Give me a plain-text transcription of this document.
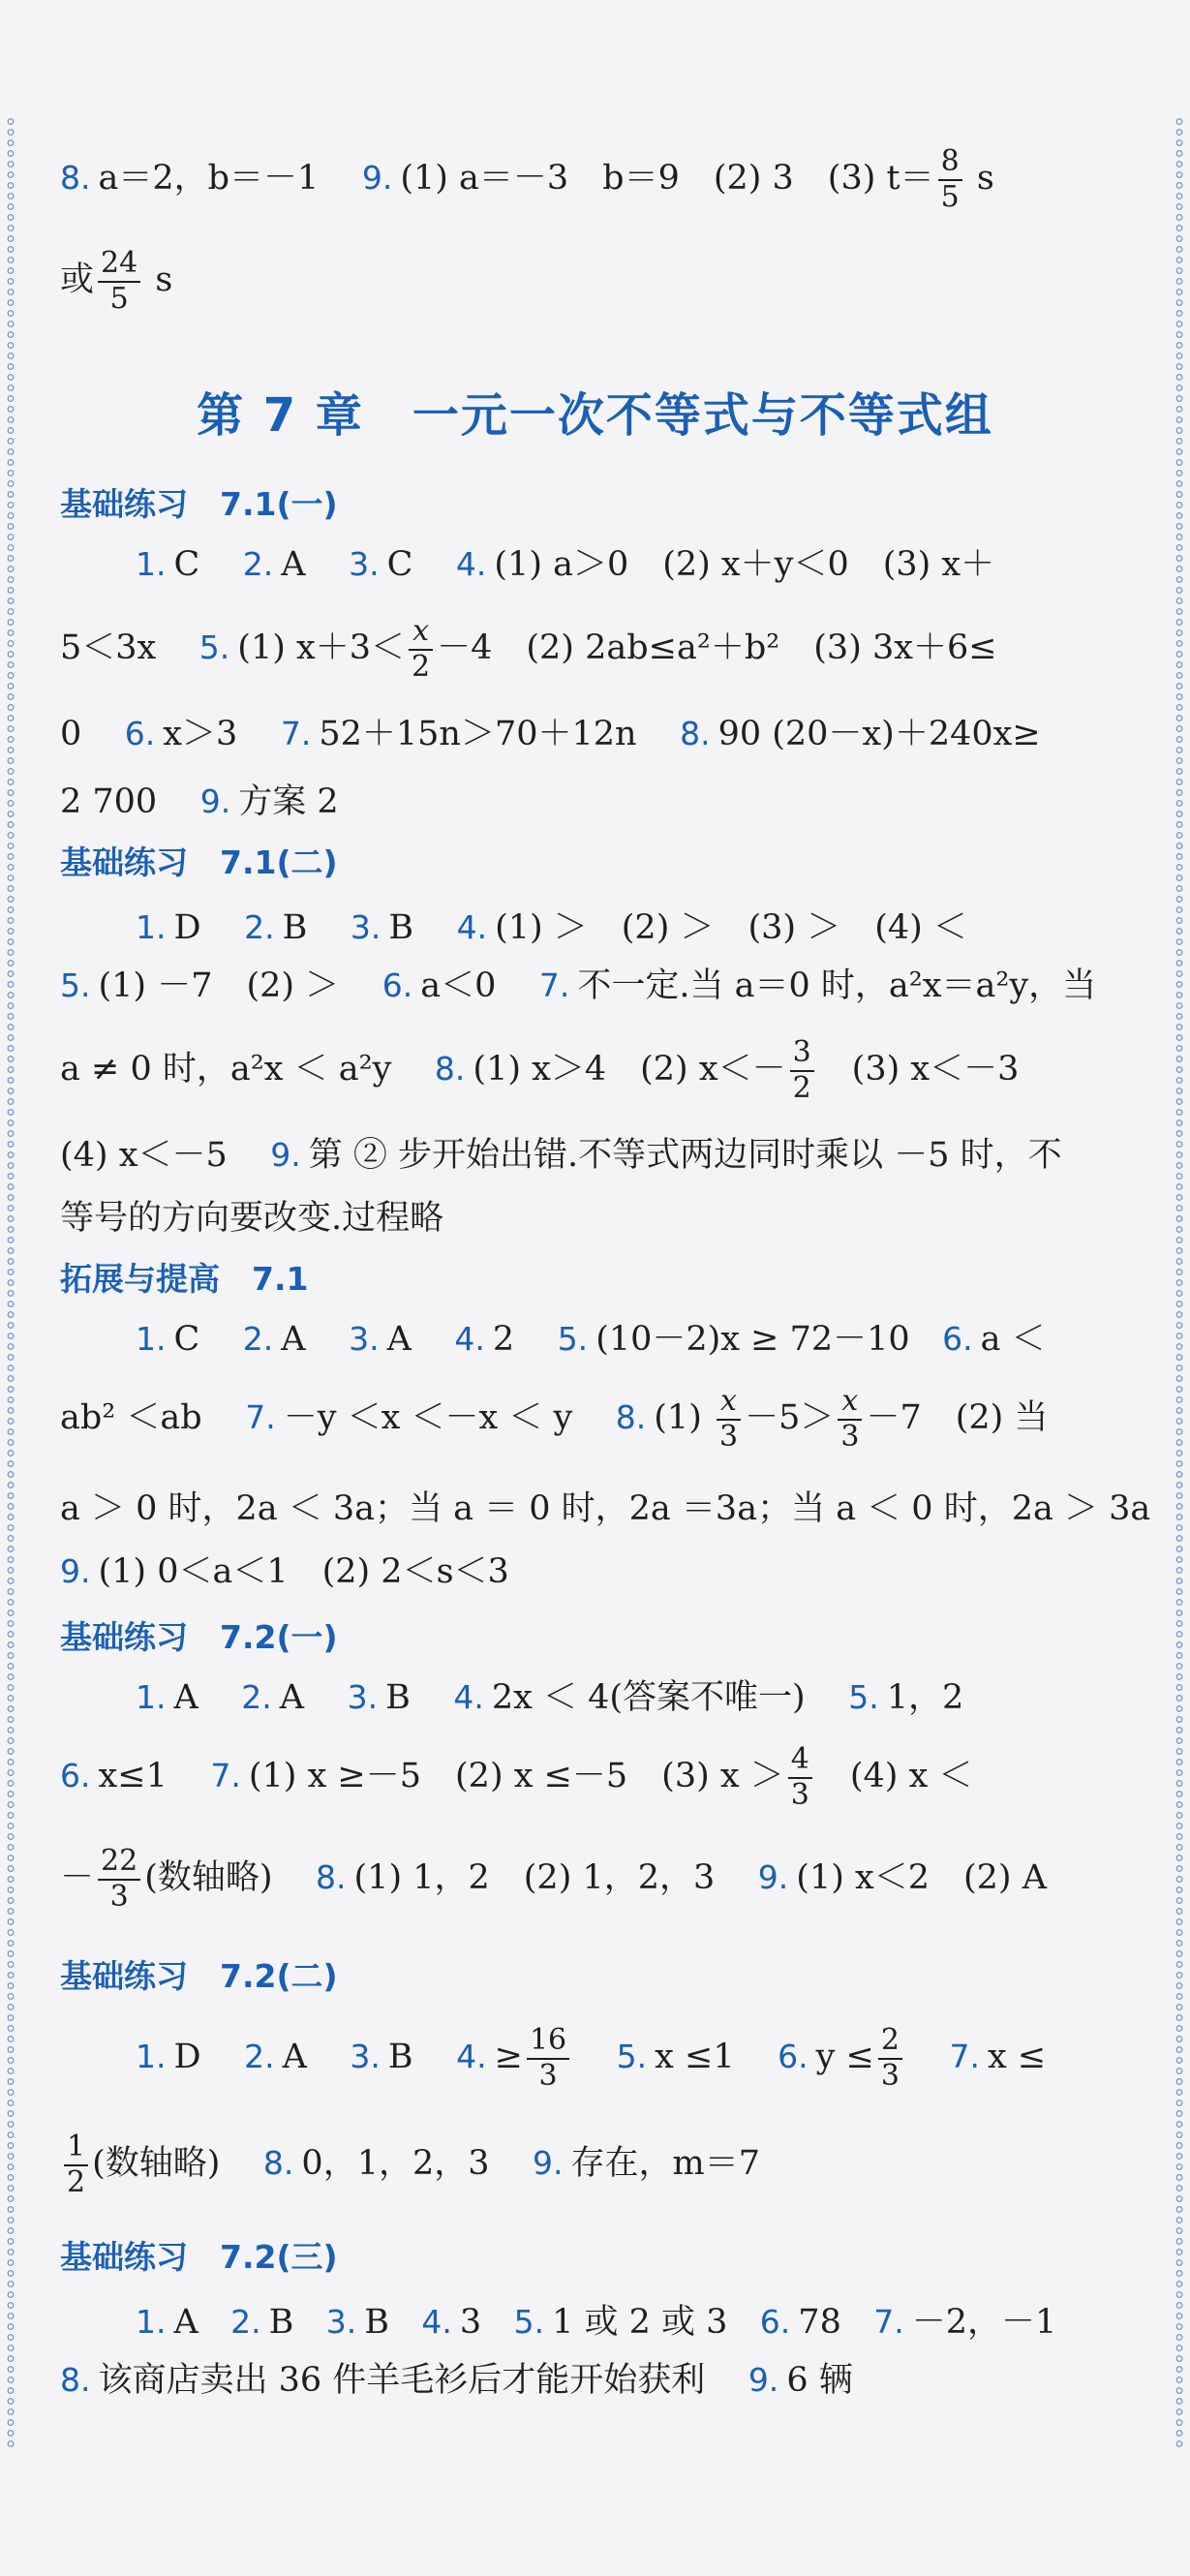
8. a＝2，b＝－1 9. (1) a＝－3　b＝9　(2) 3　(3) $t= \frac{8}{5}$ s
或 $\frac{24}{5}$ s
第 7 章　一元一次不等式与不等式组
基础练习　7.1(一)
1. C 2. A 3. C 4. (1) a＞0　(2) x＋y＜0　(3) x＋
5＜3x 5. (1) $x+3< \frac{x}{2} -4$　(2) 2ab≤a²＋b²　(3) 3x＋6≤
0 6. x＞3 7. 52＋15n＞70＋12n 8. 90 (20－x)＋240x≥
2 700 9. 方案 2
基础练习　7.1(二)
1. D 2. B 3. B 4. (1) ＞　(2) ＞　(3) ＞　(4) ＜
5. (1) －7　(2) ＞ 6. a＜0 7. 不一定.当 a＝0 时，a²x＝a²y，当
a ≠ 0 时，a²x ＜ a²y 8. (1) x＞4　(2) $x<- \frac{3}{2}$ 　(3) x＜－3
(4) x＜－5 9. 第 ② 步开始出错.不等式两边同时乘以 －5 时，不
等号的方向要改变.过程略
拓展与提高　7.1
1. C 2. A 3. A 4. 2 5. (10－2)x ≥ 72－10 6. a ＜
ab² ＜ab 7. －y ＜x ＜－x ＜ y 8. $(1) \frac{x}{3} -5> \frac{x}{3} -7$　(2) 当
a ＞ 0 时，2a ＜ 3a；当 a ＝ 0 时，2a ＝3a；当 a ＜ 0 时，2a ＞ 3a
9. (1) 0＜a＜1　(2) 2＜s＜3
基础练习　7.2(一)
1. A 2. A 3. B 4. 2x ＜ 4(答案不唯一) 5. 1，2
6. x≤1 7. (1) x ≥－5　(2) x ≤－5　(3) $x > \frac{4}{3}$ 　(4) x ＜
－ $\frac{22}{3}$ (数轴略) 8. (1) 1，2　(2) 1，2，3 9. (1) x＜2　(2) A
基础练习　7.2(二)
1. D 2. A 3. B 4. ≥ $\frac{16}{3} 5$. x ≤1 6. $y \le \frac{2}{3} 7$. x ≤
$\frac{1}{2}$ (数轴略) 8. 0，1，2，3 9. 存在，m＝7
基础练习　7.2(三)
1. A 2. B 3. B 4. 3 5. 1 或 2 或 3 6. 78 7. －2，－1
8. 该商店卖出 36 件羊毛衫后才能开始获利 9. 6 辆
